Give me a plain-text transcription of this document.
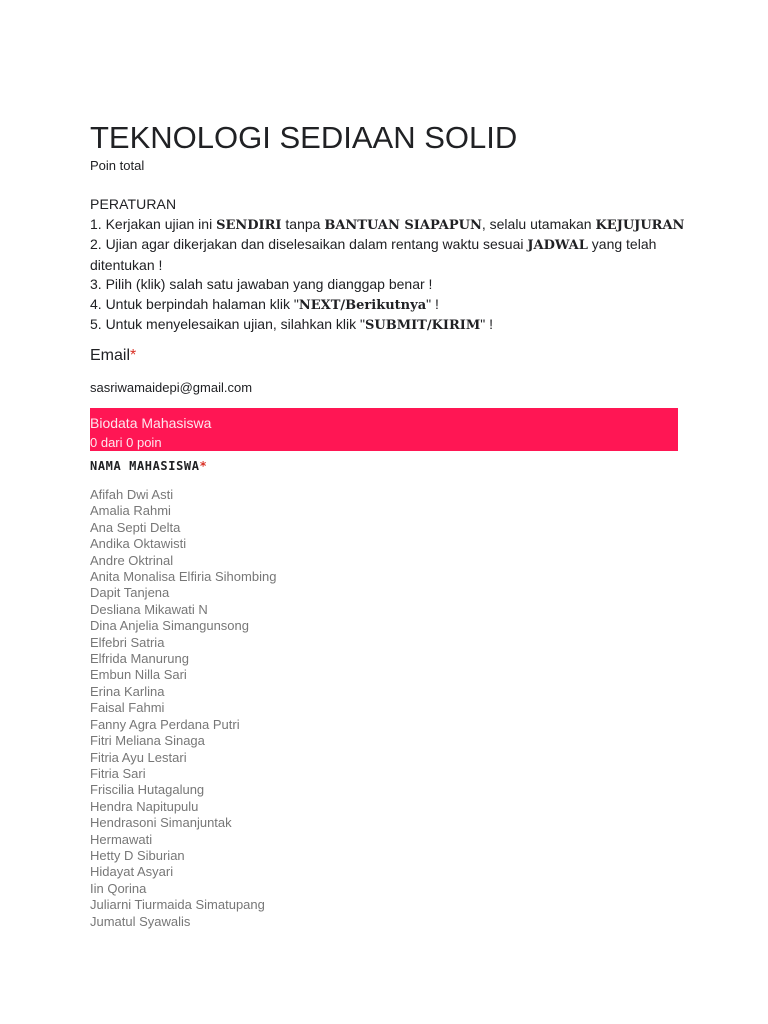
TEKNOLOGI SEDIAAN SOLID
Poin total
PERATURAN
1. Kerjakan ujian ini SENDIRI tanpa BANTUAN SIAPAPUN, selalu utamakan KEJUJURAN
2. Ujian agar dikerjakan dan diselesaikan dalam rentang waktu sesuai JADWAL yang telah ditentukan !
3. Pilih (klik) salah satu jawaban yang dianggap benar !
4. Untuk berpindah halaman klik "NEXT/Berikutnya" !
5. Untuk menyelesaikan ujian, silahkan klik "SUBMIT/KIRIM" !
Email*
sasriwamaidepi@gmail.com
Biodata Mahasiswa
0 dari 0 poin
NAMA MAHASISWA*
Afifah Dwi Asti
Amalia Rahmi
Ana Septi Delta
Andika Oktawisti
Andre Oktrinal
Anita Monalisa Elfiria Sihombing
Dapit Tanjena
Desliana Mikawati N
Dina Anjelia Simangunsong
Elfebri Satria
Elfrida Manurung
Embun Nilla Sari
Erina Karlina
Faisal Fahmi
Fanny Agra Perdana Putri
Fitri Meliana Sinaga
Fitria Ayu Lestari
Fitria Sari
Friscilia Hutagalung
Hendra Napitupulu
Hendrasoni Simanjuntak
Hermawati
Hetty D Siburian
Hidayat Asyari
Iin Qorina
Juliarni Tiurmaida Simatupang
Jumatul Syawalis
